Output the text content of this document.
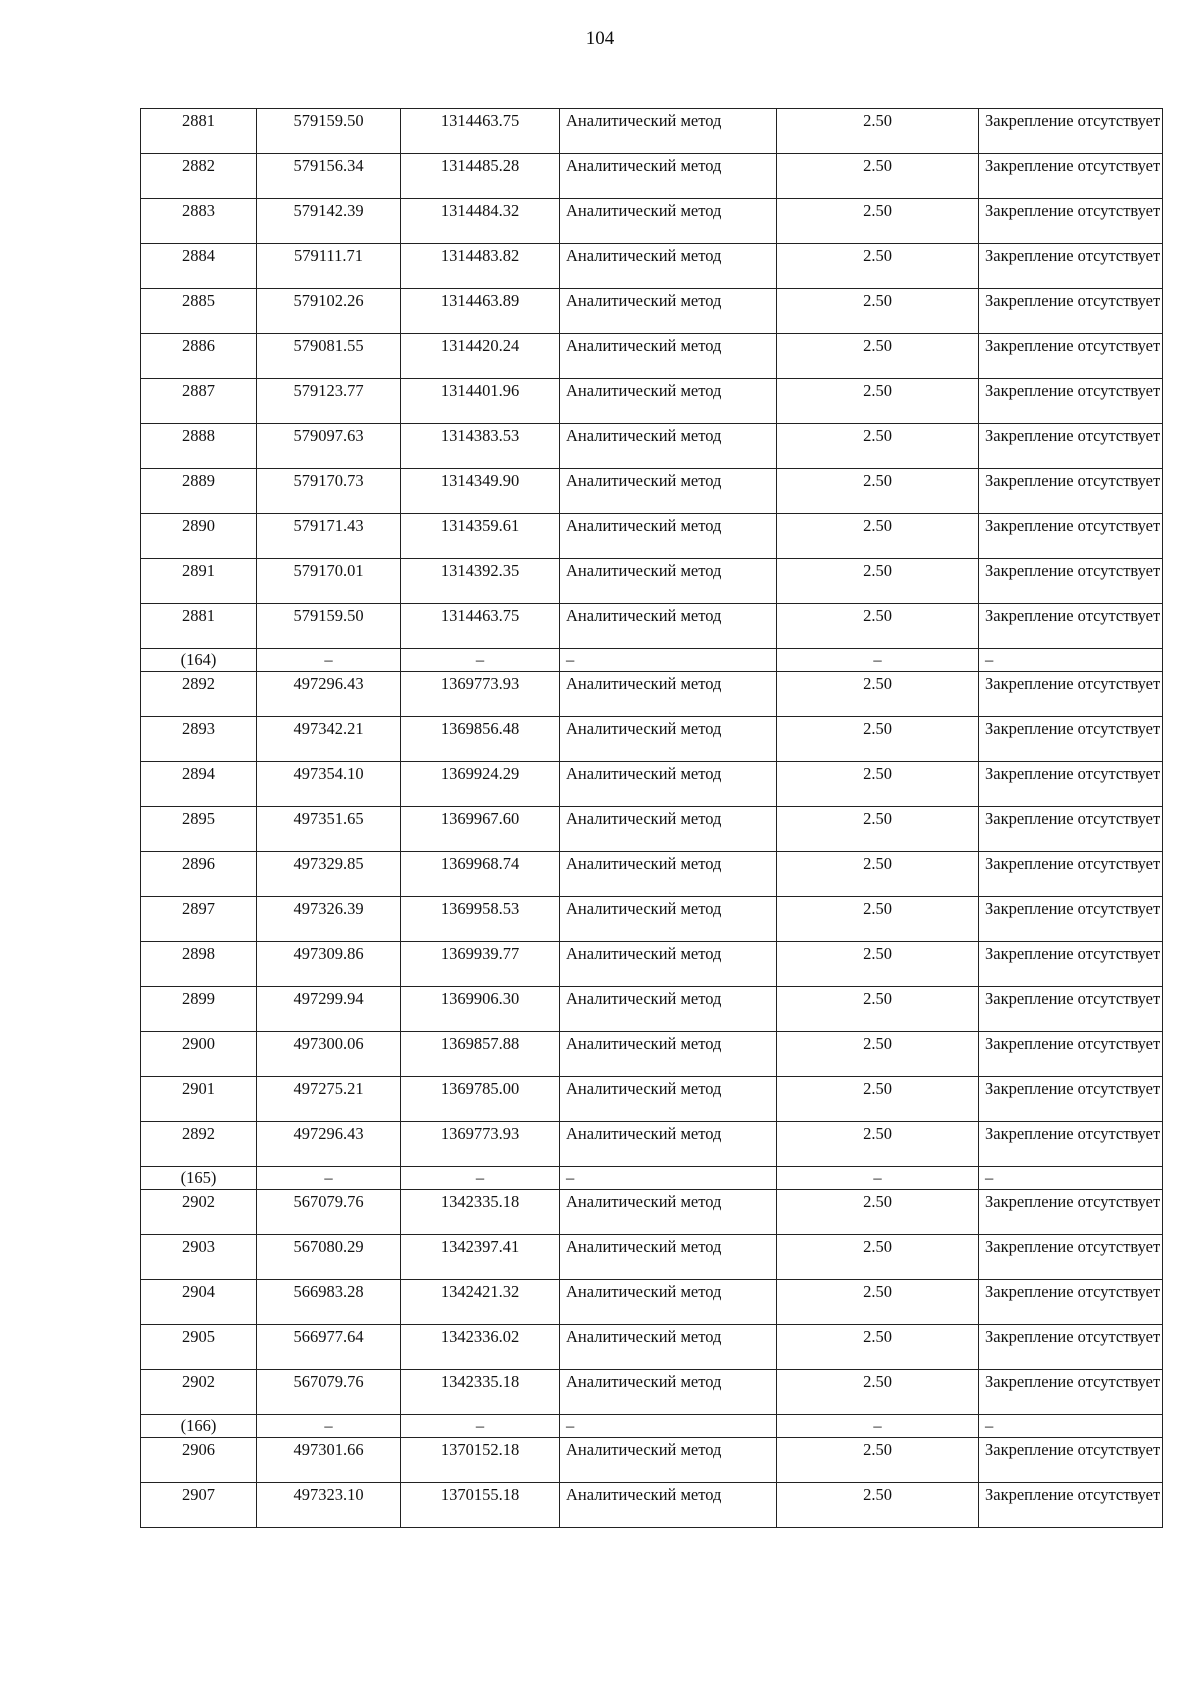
104
2881	579159.50	1314463.75	Аналитический метод	2.50	Закрепление отсутствует
2882	579156.34	1314485.28	Аналитический метод	2.50	Закрепление отсутствует
2883	579142.39	1314484.32	Аналитический метод	2.50	Закрепление отсутствует
2884	579111.71	1314483.82	Аналитический метод	2.50	Закрепление отсутствует
2885	579102.26	1314463.89	Аналитический метод	2.50	Закрепление отсутствует
2886	579081.55	1314420.24	Аналитический метод	2.50	Закрепление отсутствует
2887	579123.77	1314401.96	Аналитический метод	2.50	Закрепление отсутствует
2888	579097.63	1314383.53	Аналитический метод	2.50	Закрепление отсутствует
2889	579170.73	1314349.90	Аналитический метод	2.50	Закрепление отсутствует
2890	579171.43	1314359.61	Аналитический метод	2.50	Закрепление отсутствует
2891	579170.01	1314392.35	Аналитический метод	2.50	Закрепление отсутствует
2881	579159.50	1314463.75	Аналитический метод	2.50	Закрепление отсутствует
(164)	–	–	–	–	–
2892	497296.43	1369773.93	Аналитический метод	2.50	Закрепление отсутствует
2893	497342.21	1369856.48	Аналитический метод	2.50	Закрепление отсутствует
2894	497354.10	1369924.29	Аналитический метод	2.50	Закрепление отсутствует
2895	497351.65	1369967.60	Аналитический метод	2.50	Закрепление отсутствует
2896	497329.85	1369968.74	Аналитический метод	2.50	Закрепление отсутствует
2897	497326.39	1369958.53	Аналитический метод	2.50	Закрепление отсутствует
2898	497309.86	1369939.77	Аналитический метод	2.50	Закрепление отсутствует
2899	497299.94	1369906.30	Аналитический метод	2.50	Закрепление отсутствует
2900	497300.06	1369857.88	Аналитический метод	2.50	Закрепление отсутствует
2901	497275.21	1369785.00	Аналитический метод	2.50	Закрепление отсутствует
2892	497296.43	1369773.93	Аналитический метод	2.50	Закрепление отсутствует
(165)	–	–	–	–	–
2902	567079.76	1342335.18	Аналитический метод	2.50	Закрепление отсутствует
2903	567080.29	1342397.41	Аналитический метод	2.50	Закрепление отсутствует
2904	566983.28	1342421.32	Аналитический метод	2.50	Закрепление отсутствует
2905	566977.64	1342336.02	Аналитический метод	2.50	Закрепление отсутствует
2902	567079.76	1342335.18	Аналитический метод	2.50	Закрепление отсутствует
(166)	–	–	–	–	–
2906	497301.66	1370152.18	Аналитический метод	2.50	Закрепление отсутствует
2907	497323.10	1370155.18	Аналитический метод	2.50	Закрепление отсутствует
